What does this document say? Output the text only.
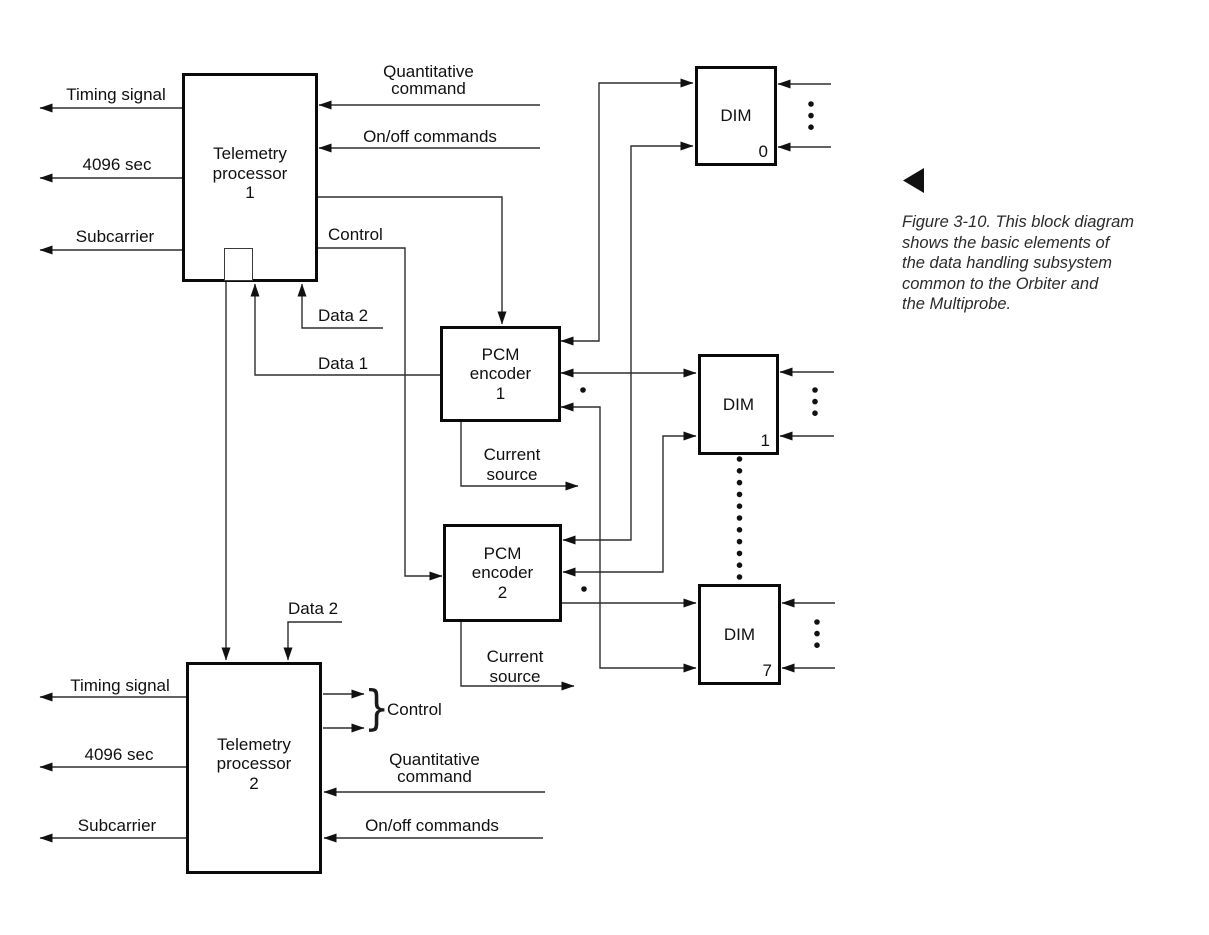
Telemetry
processor
1
Telemetry
processor
2
PCM
encoder
1
PCM
encoder
2
DIM
0
DIM
1
DIM
7
Timing signal
4096 sec
Subcarrier
Quantitative
command
On/off commands
Control
Data 2
Data 1
Current
source
Current
source
Data 2
Timing signal
4096 sec
Subcarrier
}
Control
Quantitative
command
On/off commands
Figure 3-10. This block diagram
shows the basic elements of
the data handling subsystem
common to the Orbiter and
the Multiprobe.
